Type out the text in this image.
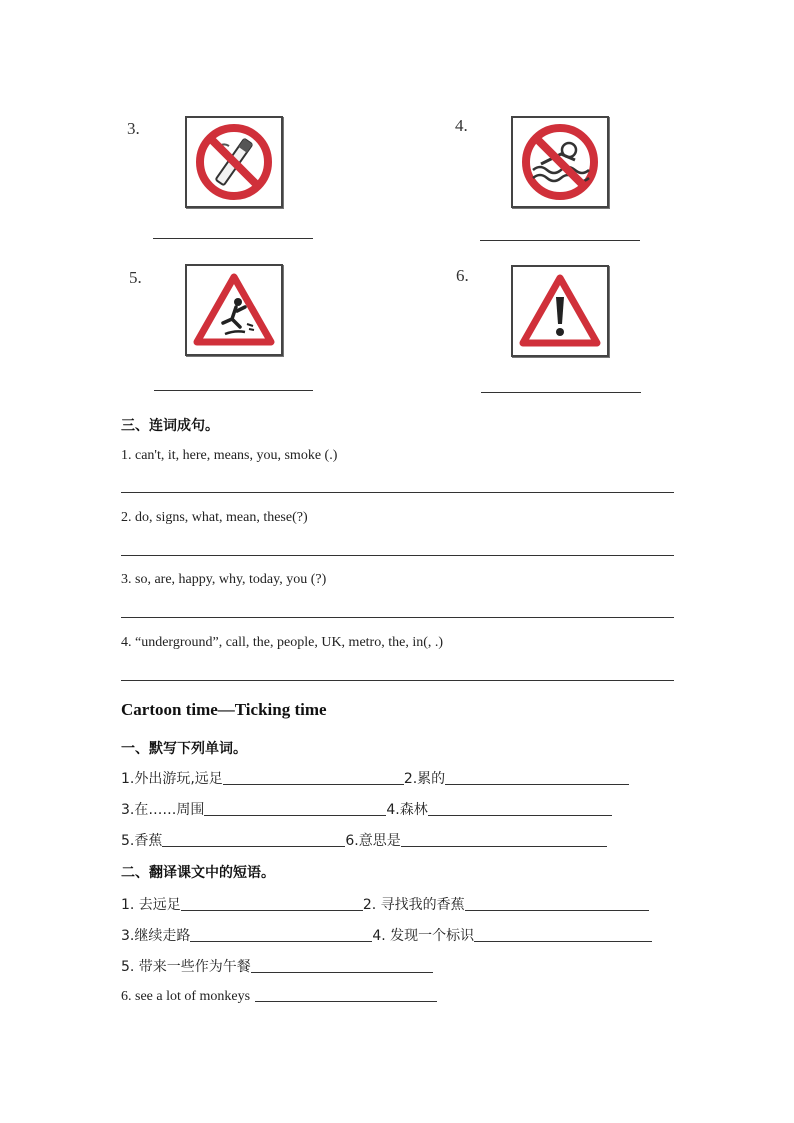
3.	4.
5.	6.
三、连词成句。
1. can't, it, here, means, you, smoke (.)
2. do, signs, what, mean, these(?)
3. so, are, happy, why, today, you (?)
4. “underground”, call, the, people, UK, metro, the, in(, .)
Cartoon time—Ticking time
一、默写下列单词。
1.外出游玩,远足	2.累的
3.在……周围	4.森林
5.香蕉	6.意思是
二、翻译课文中的短语。
1. 去远足	2. 寻找我的香蕉
3.继续走路	4. 发现一个标识
5. 带来一些作为午餐
6. see a lot of monkeys
